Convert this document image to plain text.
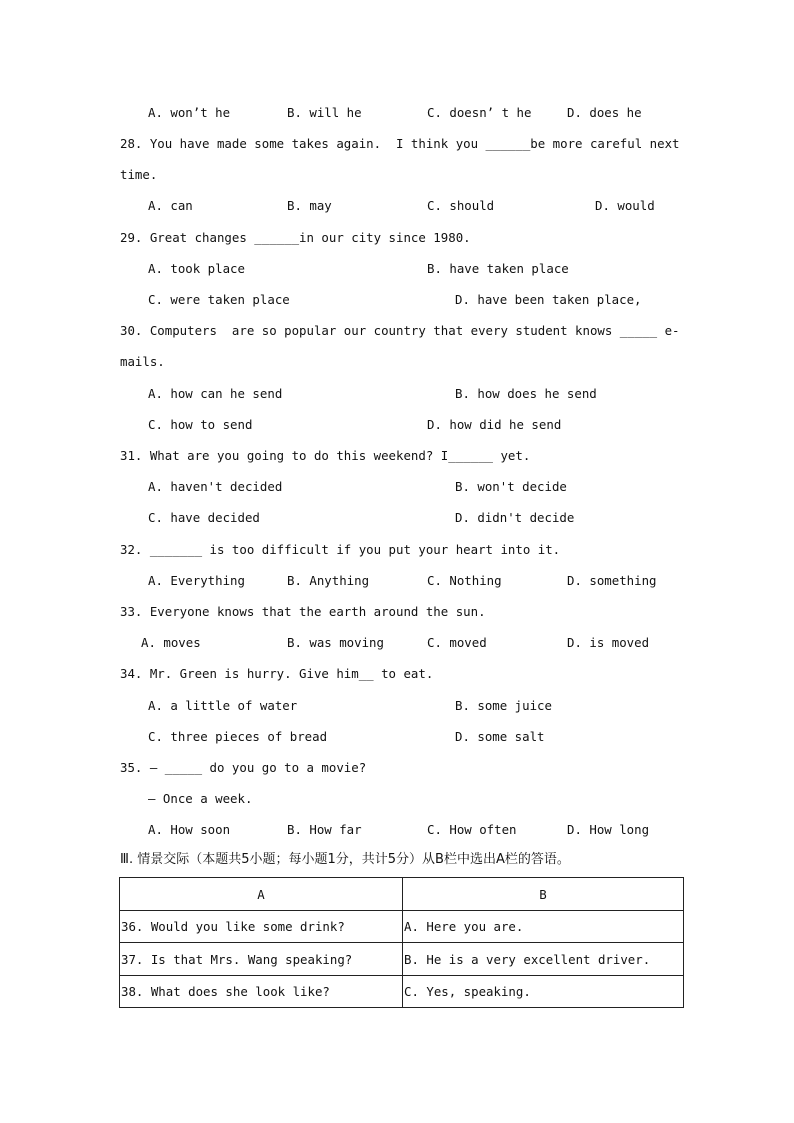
A. won’t he	B. will he	C. doesn’ t he	D. does he
28. You have made some takes again.  I think you ______be more careful next
time.
A. can	B. may	C. should	D. would
29. Great changes ______in our city since 1980.
A. took place	B. have taken place
C. were taken place	D. have been taken place,
30. Computers  are so popular our country that every student knows _____ e-
mails.
A. how can he send	B. how does he send
C. how to send	D. how did he send
31. What are you going to do this weekend? I______ yet.
A. haven't decided	B. won't decide
C. have decided	D. didn't decide
32. _______ is too difficult if you put your heart into it.
A. Everything	B. Anything	C. Nothing	D. something
33. Everyone knows that the earth around the sun.
A. moves	B. was moving	C. moved	D. is moved
34. Mr. Green is hurry. Give him__ to eat.
A. a little of water	B. some juice
C. three pieces of bread	D. some salt
35. — _____ do you go to a movie?
— Once a week.
A. How soon	B. How far	C. How often	D. How long
Ⅲ. 情景交际（本题共5小题；每小题1分，共计5分）从B栏中选出A栏的答语。
A	B
36. Would you like some drink?	A. Here you are.
37. Is that Mrs. Wang speaking?	B. He is a very excellent driver.
38. What does she look like?	C. Yes, speaking.
